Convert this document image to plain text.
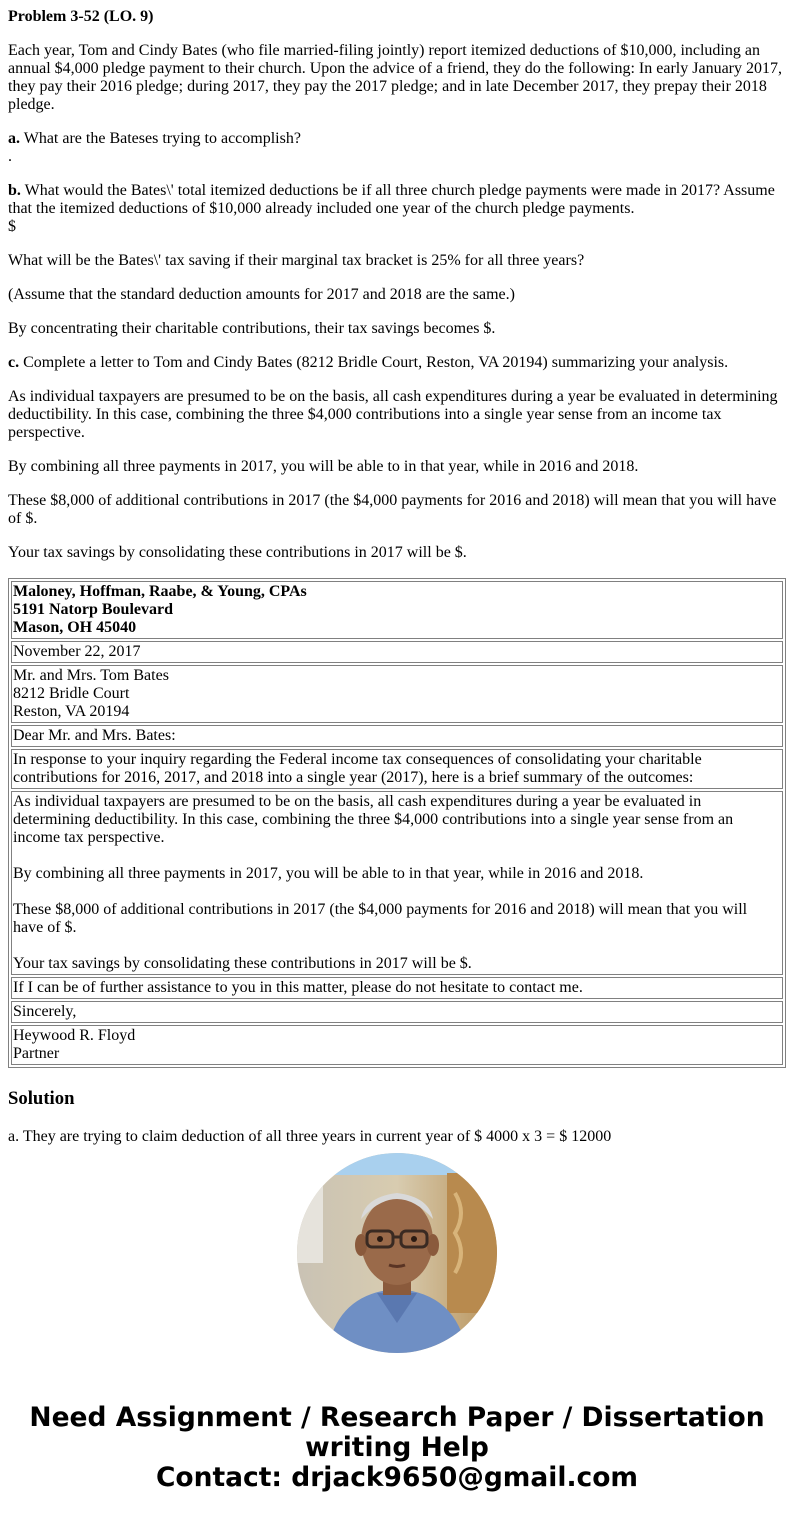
Problem 3-52 (LO. 9)

Each year, Tom and Cindy Bates (who file married-filing jointly) report itemized deductions of $10,000, including an annual $4,000 pledge payment to their church. Upon the advice of a friend, they do the following: In early January 2017, they pay their 2016 pledge; during 2017, they pay the 2017 pledge; and in late December 2017, they prepay their 2018 pledge.

a. What are the Bateses trying to accomplish?

.

b. What would the Bates\' total itemized deductions be if all three church pledge payments were made in 2017? Assume that the itemized deductions of $10,000 already included one year of the church pledge payments.

$

What will be the Bates\' tax saving if their marginal tax bracket is 25% for all three years?

(Assume that the standard deduction amounts for 2017 and 2018 are the same.)

By concentrating their charitable contributions, their tax savings becomes $.

c. Complete a letter to Tom and Cindy Bates (8212 Bridle Court, Reston, VA 20194) summarizing your analysis.

As individual taxpayers are presumed to be on the basis, all cash expenditures during a year be evaluated in determining deductibility. In this case, combining the three $4,000 contributions into a single year sense from an income tax perspective.

By combining all three payments in 2017, you will be able to in that year, while in 2016 and 2018.

These $8,000 of additional contributions in 2017 (the $4,000 payments for 2016 and 2018) will mean that you will have of $.

Your tax savings by consolidating these contributions in 2017 will be $.

Maloney, Hoffman, Raabe, & Young, CPAs
5191 Natorp Boulevard
Mason, OH 45040
November 22, 2017
Mr. and Mrs. Tom Bates
8212 Bridle Court
Reston, VA 20194
Dear Mr. and Mrs. Bates:
In response to your inquiry regarding the Federal income tax consequences of consolidating your charitable contributions for 2016, 2017, and 2018 into a single year (2017), here is a brief summary of the outcomes:

As individual taxpayers are presumed to be on the basis, all cash expenditures during a year be evaluated in determining deductibility. In this case, combining the three $4,000 contributions into a single year sense from an income tax perspective.

By combining all three payments in 2017, you will be able to in that year, while in 2016 and 2018.

These $8,000 of additional contributions in 2017 (the $4,000 payments for 2016 and 2018) will mean that you will have of $.

Your tax savings by consolidating these contributions in 2017 will be $.

If I can be of further assistance to you in this matter, please do not hesitate to contact me.
Sincerely,
Heywood R. Floyd
Partner
Solution

a. They are trying to claim deduction of all three years in current year of $ 4000 x 3 = $ 12000

Need Assignment / Research Paper / Dissertation
writing Help
Contact: drjack9650@gmail.com
